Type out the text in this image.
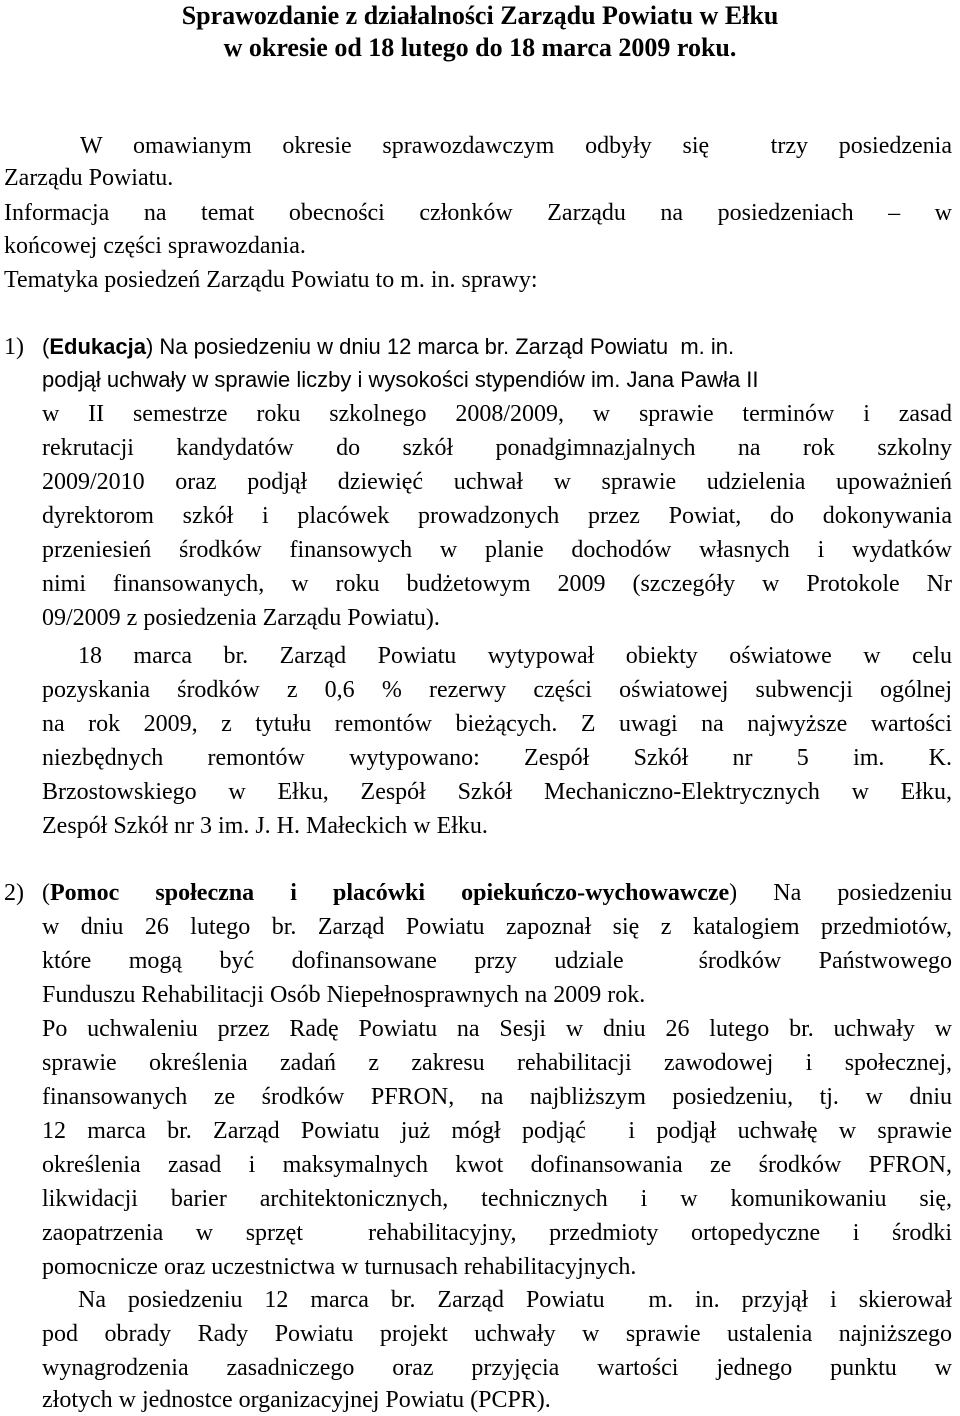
Sprawozdanie z działalności Zarządu Powiatu w Ełku
w okresie od 18 lutego do 18 marca 2009 roku.

W omawianym okresie sprawozdawczym odbyły się  trzy posiedzenia

Zarządu Powiatu.

Informacja na temat obecności członków Zarządu na posiedzeniach – w

końcowej części sprawozdania.

Tematyka posiedzeń Zarządu Powiatu to m. in. sprawy:

1) (Edukacja) Na posiedzeniu w dniu 12 marca br. Zarząd Powiatu  m. in.

podjął uchwały w sprawie liczby i wysokości stypendiów im. Jana Pawła II

w II semestrze roku szkolnego 2008/2009, w sprawie terminów i zasad

rekrutacji kandydatów do szkół ponadgimnazjalnych na rok szkolny

2009/2010 oraz podjął dziewięć uchwał w sprawie udzielenia upoważnień

dyrektorom szkół i placówek prowadzonych przez Powiat, do dokonywania

przeniesień środków finansowych w planie dochodów własnych i wydatków

nimi finansowanych, w roku budżetowym 2009 (szczegóły w Protokole Nr

09/2009 z posiedzenia Zarządu Powiatu).

18 marca br. Zarząd Powiatu wytypował obiekty oświatowe w celu

pozyskania środków z 0,6 % rezerwy części oświatowej subwencji ogólnej

na rok 2009, z tytułu remontów bieżących. Z uwagi na najwyższe wartości

niezbędnych remontów wytypowano: Zespół Szkół nr 5 im. K.

Brzostowskiego w Ełku, Zespół Szkół Mechaniczno-Elektrycznych w Ełku,

Zespół Szkół nr 3 im. J. H. Małeckich w Ełku.

2) (Pomoc społeczna i placówki opiekuńczo-wychowawcze) Na posiedzeniu

w dniu 26 lutego br. Zarząd Powiatu zapoznał się z katalogiem przedmiotów,

które mogą być dofinansowane przy udziale  środków Państwowego

Funduszu Rehabilitacji Osób Niepełnosprawnych na 2009 rok.

Po uchwaleniu przez Radę Powiatu na Sesji w dniu 26 lutego br. uchwały w

sprawie określenia zadań z zakresu rehabilitacji zawodowej i społecznej,

finansowanych ze środków PFRON, na najbliższym posiedzeniu, tj. w dniu

12 marca br. Zarząd Powiatu już mógł podjąć  i podjął uchwałę w sprawie

określenia zasad i maksymalnych kwot dofinansowania ze środków PFRON,

likwidacji barier architektonicznych, technicznych i w komunikowaniu się,

zaopatrzenia w sprzęt  rehabilitacyjny, przedmioty ortopedyczne i środki

pomocnicze oraz uczestnictwa w turnusach rehabilitacyjnych.

Na posiedzeniu 12 marca br. Zarząd Powiatu  m. in. przyjął i skierował

pod obrady Rady Powiatu projekt uchwały w sprawie ustalenia najniższego

wynagrodzenia zasadniczego oraz przyjęcia wartości jednego punktu w

złotych w jednostce organizacyjnej Powiatu (PCPR).
